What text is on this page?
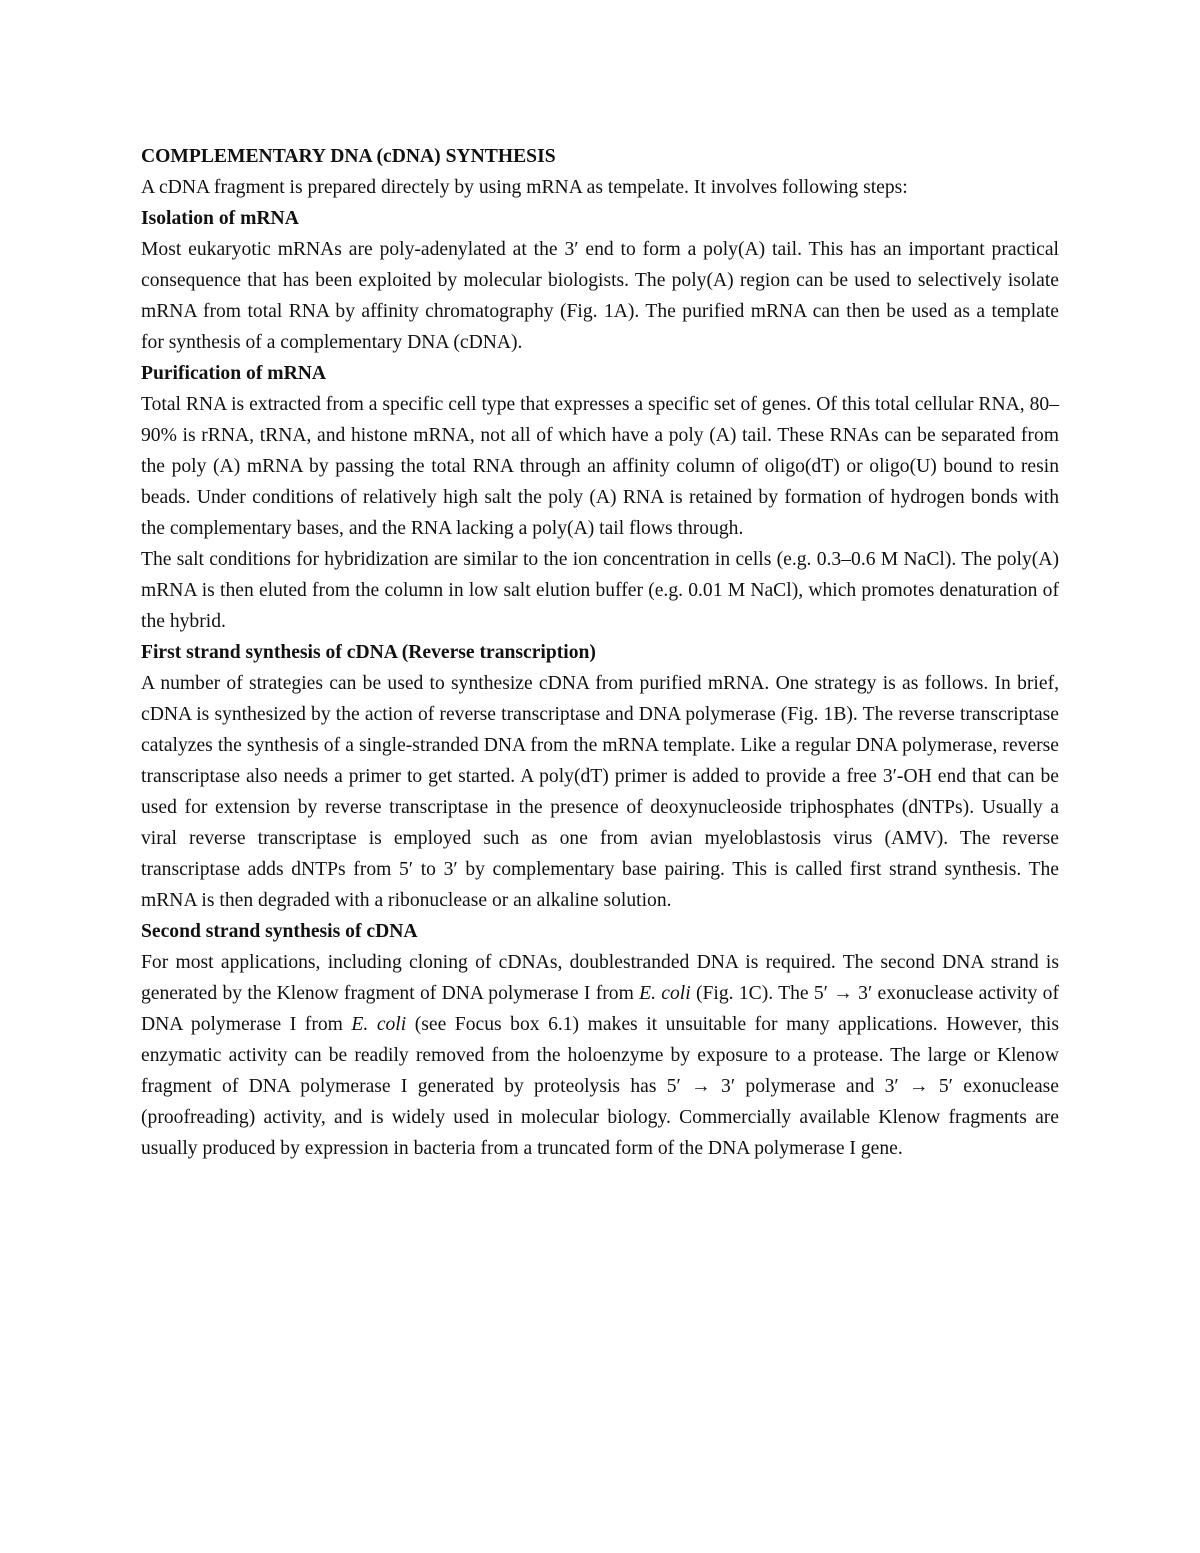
COMPLEMENTARY DNA (cDNA) SYNTHESIS

A cDNA fragment is prepared directely by using mRNA as tempelate. It involves following steps:

Isolation of mRNA

Most eukaryotic mRNAs are poly-adenylated at the 3′ end to form a poly(A) tail. This has an important practical consequence that has been exploited by molecular biologists. The poly(A) region can be used to selectively isolate mRNA from total RNA by affinity chromatography (Fig. 1A). The purified mRNA can then be used as a template for synthesis of a complementary DNA (cDNA).

Purification of mRNA

Total RNA is extracted from a specific cell type that expresses a specific set of genes. Of this total cellular RNA, 80–90% is rRNA, tRNA, and histone mRNA, not all of which have a poly (A) tail. These RNAs can be separated from the poly (A) mRNA by passing the total RNA through an affinity column of oligo(dT) or oligo(U) bound to resin beads. Under conditions of relatively high salt the poly (A) RNA is retained by formation of hydrogen bonds with the complementary bases, and the RNA lacking a poly(A) tail flows through.

The salt conditions for hybridization are similar to the ion concentration in cells (e.g. 0.3–0.6 M NaCl). The poly(A) mRNA is then eluted from the column in low salt elution buffer (e.g. 0.01 M NaCl), which promotes denaturation of the hybrid.

First strand synthesis of cDNA (Reverse transcription)

A number of strategies can be used to synthesize cDNA from purified mRNA. One strategy is as follows. In brief, cDNA is synthesized by the action of reverse transcriptase and DNA polymerase (Fig. 1B). The reverse transcriptase catalyzes the synthesis of a single-stranded DNA from the mRNA template. Like a regular DNA polymerase, reverse transcriptase also needs a primer to get started. A poly(dT) primer is added to provide a free 3′-OH end that can be used for extension by reverse transcriptase in the presence of deoxynucleoside triphosphates (dNTPs). Usually a viral reverse transcriptase is employed such as one from avian myeloblastosis virus (AMV). The reverse transcriptase adds dNTPs from 5′ to 3′ by complementary base pairing. This is called first strand synthesis. The mRNA is then degraded with a ribonuclease or an alkaline solution.

Second strand synthesis of cDNA

For most applications, including cloning of cDNAs, doublestranded DNA is required. The second DNA strand is generated by the Klenow fragment of DNA polymerase I from E. coli (Fig. 1C). The 5′ → 3′ exonuclease activity of DNA polymerase I from E. coli (see Focus box 6.1) makes it unsuitable for many applications. However, this enzymatic activity can be readily removed from the holoenzyme by exposure to a protease. The large or Klenow fragment of DNA polymerase I generated by proteolysis has 5′ → 3′ polymerase and 3′ → 5′ exonuclease (proofreading) activity, and is widely used in molecular biology. Commercially available Klenow fragments are usually produced by expression in bacteria from a truncated form of the DNA polymerase I gene.
